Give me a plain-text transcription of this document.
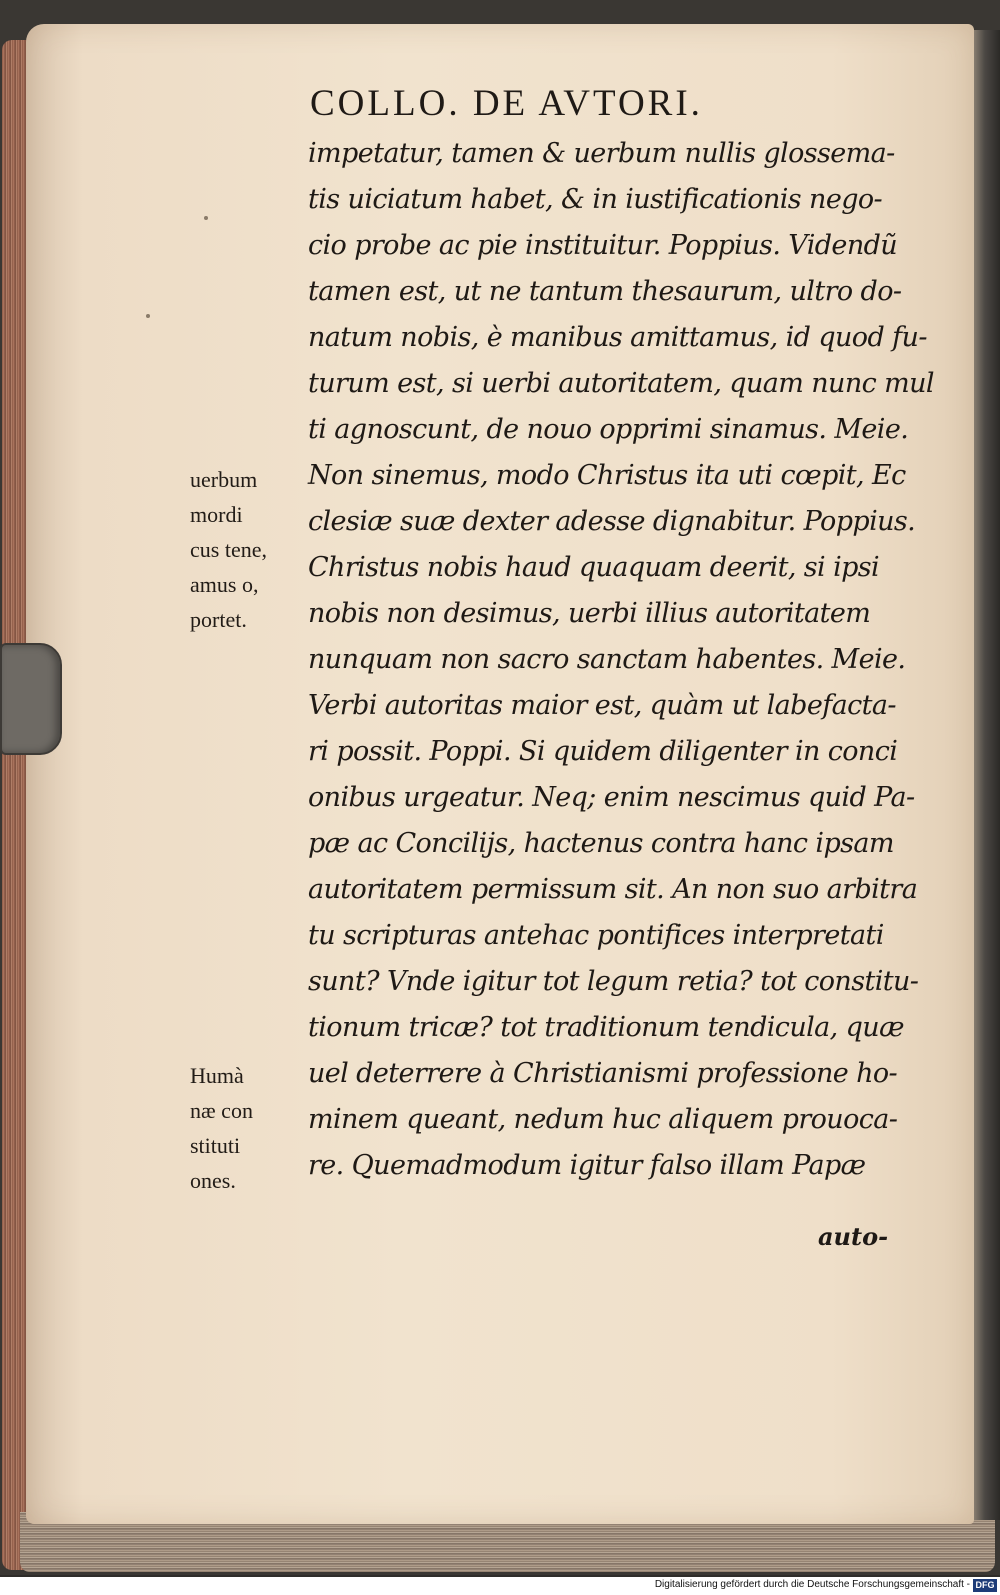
COLLO. DE AVTORI.
impetatur, tamen & uerbum nullis glossema-
tis uiciatum habet, & in iustificationis nego-
cio probe ac pie instituitur. Poppius. Videndũ
tamen est, ut ne tantum thesaurum, ultro do-
natum nobis, è manibus amittamus, id quod fu-
turum est, si uerbi autoritatem, quam nunc mul
ti agnoscunt, de nouo opprimi sinamus. Meie.
Non sinemus, modo Christus ita uti cœpit, Ec
clesiæ suæ dexter adesse dignabitur. Poppius.
Christus nobis haud quaquam deerit, si ipsi
nobis non desimus, uerbi illius autoritatem
nunquam non sacro sanctam habentes. Meie.
Verbi autoritas maior est, quàm ut labefacta-
ri possit. Poppi. Si quidem diligenter in conci
onibus urgeatur. Neq; enim nescimus quid Pa-
pæ ac Concilijs, hactenus contra hanc ipsam
autoritatem permissum sit. An non suo arbitra
tu scripturas antehac pontifices interpretati
sunt? Vnde igitur tot legum retia? tot constitu-
tionum tricæ? tot traditionum tendicula, quæ
uel deterrere à Christianismi professione ho-
minem queant, nedum huc aliquem prouoca-
re. Quemadmodum igitur falso illam Papæ
auto-
uerbum
mordi
cus tene,
amus o,
portet.
Humà
næ con
stituti
ones.
Digitalisierung gefördert durch die Deutsche Forschungsgemeinschaft - DFG
